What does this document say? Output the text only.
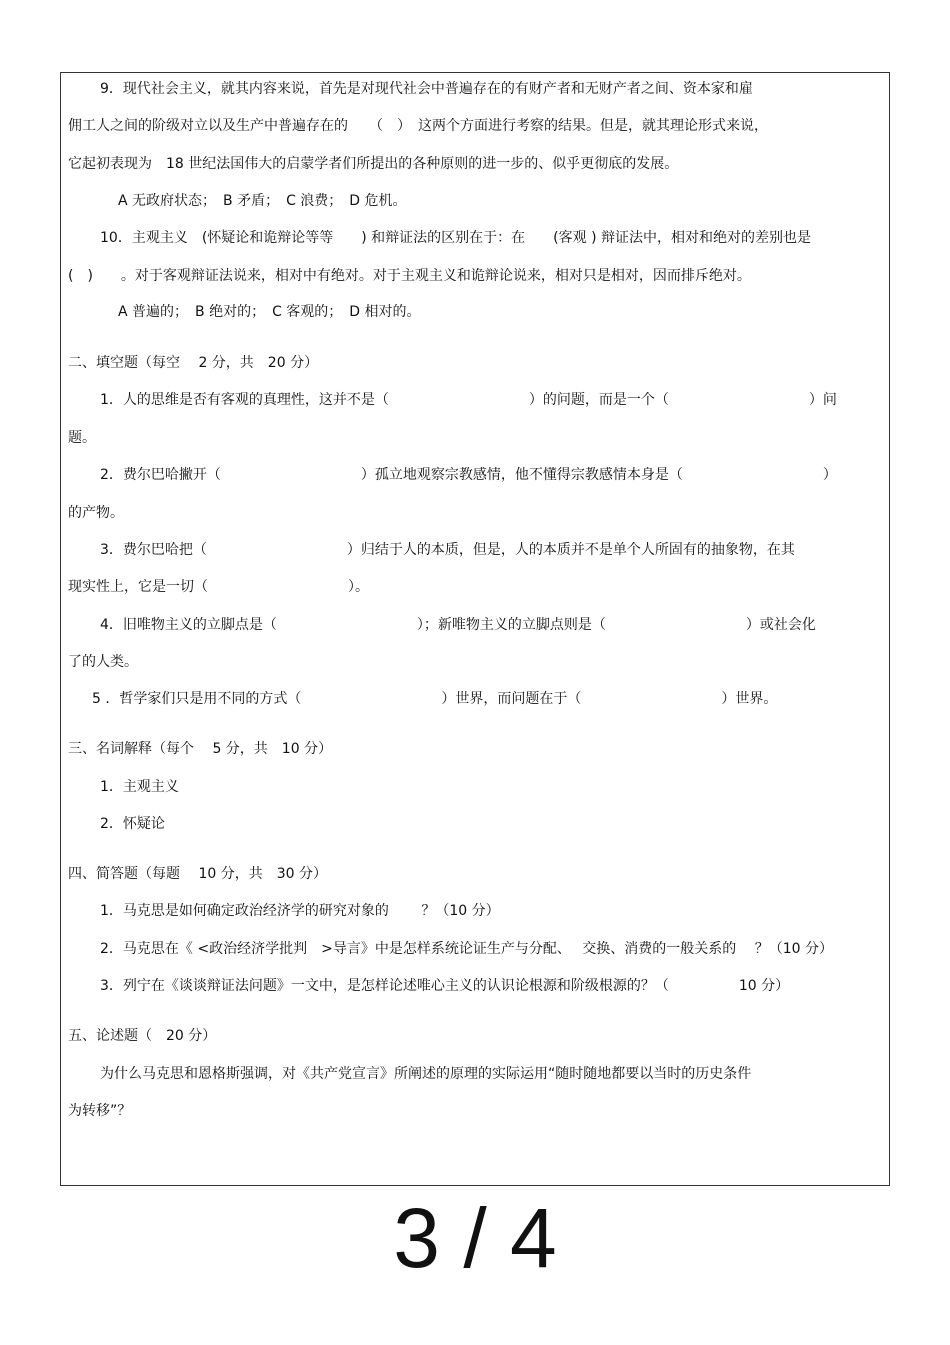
9．现代社会主义，就其内容来说，首先是对现代社会中普遍存在的有财产者和无财产者之间、资本家和雇
佣工人之间的阶级对立以及生产中普遍存在的　　（　）　这两个方面进行考察的结果。但是，就其理论形式来说，
它起初表现为　18 世纪法国伟大的启蒙学者们所提出的各种原则的进一步的、似乎更彻底的发展。
A 无政府状态；　B 矛盾；　C 浪费；　D 危机。
10．主观主义　(怀疑论和诡辩论等等　　) 和辩证法的区别在于：在　　(客观 ) 辩证法中，相对和绝对的差别也是
(　)　　。对于客观辩证法说来，相对中有绝对。对于主观主义和诡辩论说来，相对只是相对，因而排斥绝对。
A 普遍的；　B 绝对的；　C 客观的；　D 相对的。
二、填空题（每空　 2 分，共　20 分）
1．人的思维是否有客观的真理性，这并不是（　　　　　　　　　　）的问题，而是一个（　　　　　　　　　　）问
题。
2．费尔巴哈撇开（　　　　　　　　　　）孤立地观察宗教感情，他不懂得宗教感情本身是（　　　　　　　　　　）
的产物。
3．费尔巴哈把（　　　　　　　　　　）归结于人的本质，但是，人的本质并不是单个人所固有的抽象物，在其
现实性上，它是一切（　　　　　　　　　　）。
4．旧唯物主义的立脚点是（　　　　　　　　　　）；新唯物主义的立脚点则是（　　　　　　　　　　）或社会化
了的人类。
5 ．哲学家们只是用不同的方式（　　　　　　　　　　）世界，而问题在于（　　　　　　　　　　）世界。
三、名词解释（每个　 5 分，共　10 分）
1．主观主义
2．怀疑论
四、简答题（每题　 10 分，共　30 分）
1．马克思是如何确定政治经济学的研究对象的　　 ？（10 分）
2．马克思在《 <政治经济学批判　>导言》中是怎样系统论证生产与分配、　 交换、消费的一般关系的　 ？（10 分）
3．列宁在《谈谈辩证法问题》一文中，是怎样论述唯心主义的认识论根源和阶级根源的？（　　　　　10 分）
五、论述题（　20 分）
为什么马克思和恩格斯强调，对《共产党宣言》所阐述的原理的实际运用“随时随地都要以当时的历史条件
为转移”？
3 / 4
